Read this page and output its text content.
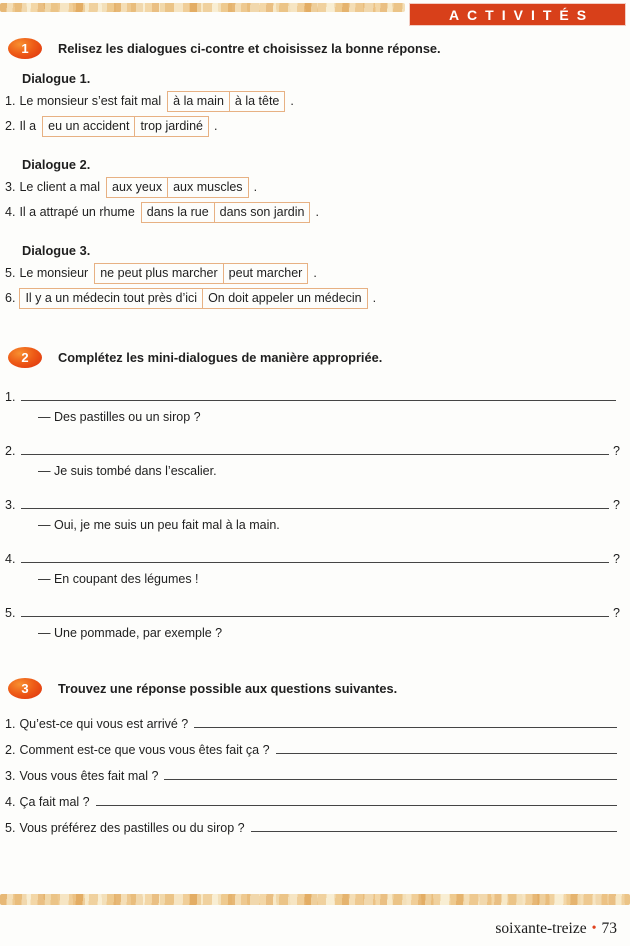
ACTIVITÉS
1 Relisez les dialogues ci-contre et choisissez la bonne réponse.
Dialogue 1.
1. Le monsieur s’est fait mal à la main à la tête .
2. Il a eu un accident trop jardiné .
Dialogue 2.
3. Le client a mal aux yeux aux muscles .
4. Il a attrapé un rhume dans la rue dans son jardin .
Dialogue 3.
5. Le monsieur ne peut plus marcher peut marcher .
6. Il y a un médecin tout près d’ici On doit appeler un médecin .
2 Complétez les mini-dialogues de manière appropriée.
1.
— Des pastilles ou un sirop ?
2.	?
— Je suis tombé dans l’escalier.
3.	?
— Oui, je me suis un peu fait mal à la main.
4.	?
— En coupant des légumes !
5.	?
— Une pommade, par exemple ?
3 Trouvez une réponse possible aux questions suivantes.
1. Qu’est-ce qui vous est arrivé ?
2. Comment est-ce que vous vous êtes fait ça ?
3. Vous vous êtes fait mal ?
4. Ça fait mal ?
5. Vous préférez des pastilles ou du sirop ?
soixante-treize • 73
